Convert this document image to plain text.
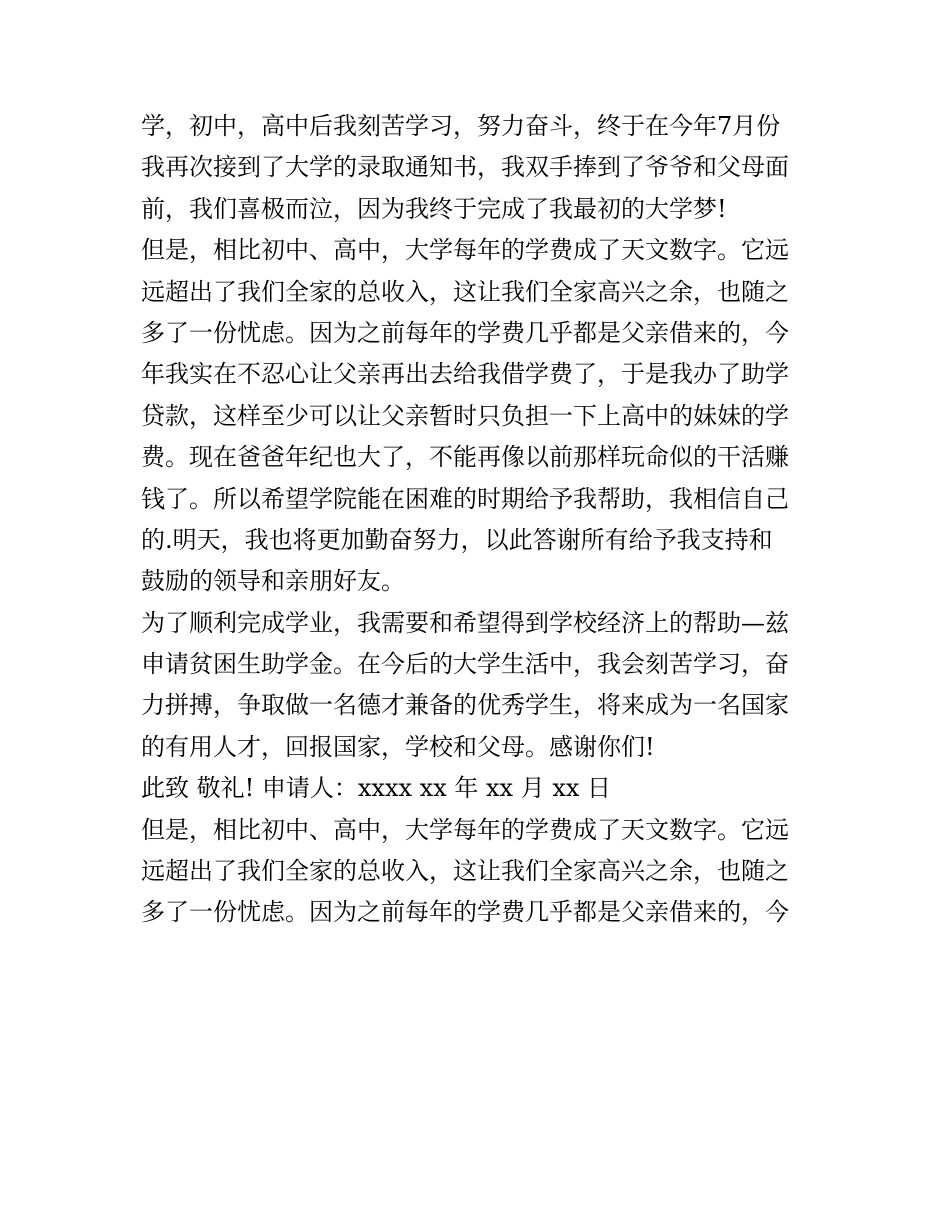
学，初中，高中后我刻苦学习，努力奋斗，终于在今年7月份
我再次接到了大学的录取通知书，我双手捧到了爷爷和父母面
前，我们喜极而泣，因为我终于完成了我最初的大学梦!

但是，相比初中、高中，大学每年的学费成了天文数字。它远
远超出了我们全家的总收入，这让我们全家高兴之余，也随之
多了一份忧虑。因为之前每年的学费几乎都是父亲借来的，今
年我实在不忍心让父亲再出去给我借学费了，于是我办了助学
贷款，这样至少可以让父亲暂时只负担一下上高中的妹妹的学
费。现在爸爸年纪也大了，不能再像以前那样玩命似的干活赚
钱了。所以希望学院能在困难的时期给予我帮助，我相信自己
的.明天，我也将更加勤奋努力，以此答谢所有给予我支持和
鼓励的领导和亲朋好友。

为了顺利完成学业，我需要和希望得到学校经济上的帮助—兹
申请贫困生助学金。在今后的大学生活中，我会刻苦学习，奋
力拼搏，争取做一名德才兼备的优秀学生，将来成为一名国家
的有用人才，回报国家，学校和父母。感谢你们!

此致 敬礼! 申请人：xxxx xx 年 xx 月 xx 日

但是，相比初中、高中，大学每年的学费成了天文数字。它远
远超出了我们全家的总收入，这让我们全家高兴之余，也随之
多了一份忧虑。因为之前每年的学费几乎都是父亲借来的，今
